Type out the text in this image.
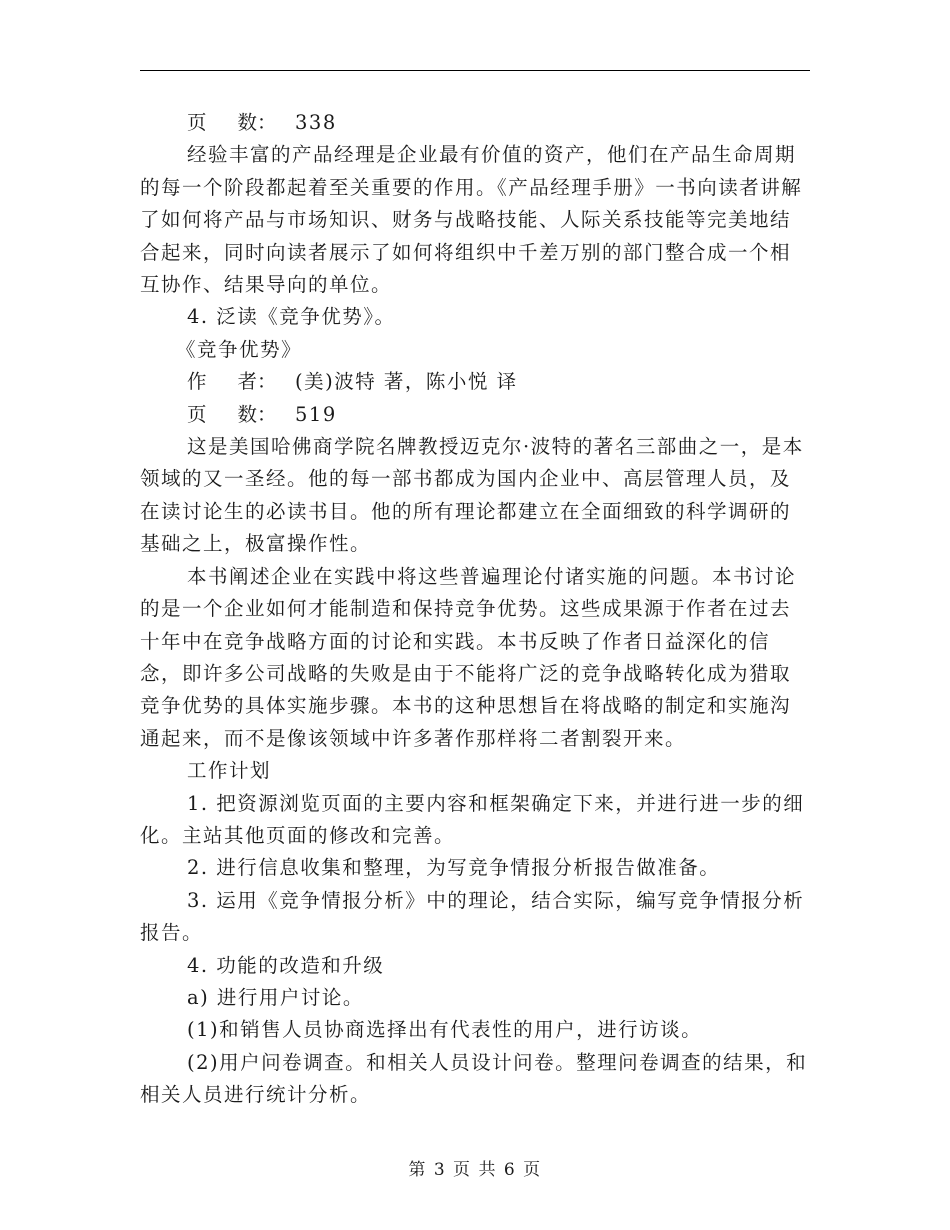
页     数： 338

经验丰富的产品经理是企业最有价值的资产，他们在产品生命周期的每一个阶段都起着至关重要的作用。《产品经理手册》一书向读者讲解了如何将产品与市场知识、财务与战略技能、人际关系技能等完美地结合起来，同时向读者展示了如何将组织中千差万别的部门整合成一个相互协作、结果导向的单位。

4. 泛读《竞争优势》。

《竞争优势》

作     者： (美)波特 著，陈小悦 译

页     数： 519

这是美国哈佛商学院名牌教授迈克尔·波特的著名三部曲之一，是本领域的又一圣经。他的每一部书都成为国内企业中、高层管理人员，及在读讨论生的必读书目。他的所有理论都建立在全面细致的科学调研的基础之上，极富操作性。

本书阐述企业在实践中将这些普遍理论付诸实施的问题。本书讨论的是一个企业如何才能制造和保持竞争优势。这些成果源于作者在过去十年中在竞争战略方面的讨论和实践。本书反映了作者日益深化的信念，即许多公司战略的失败是由于不能将广泛的竞争战略转化成为猎取竞争优势的具体实施步骤。本书的这种思想旨在将战略的制定和实施沟通起来，而不是像该领域中许多著作那样将二者割裂开来。

工作计划

1. 把资源浏览页面的主要内容和框架确定下来，并进行进一步的细化。主站其他页面的修改和完善。

2. 进行信息收集和整理，为写竞争情报分析报告做准备。

3. 运用《竞争情报分析》中的理论，结合实际，编写竞争情报分析报告。

4. 功能的改造和升级

a) 进行用户讨论。

(1)和销售人员协商选择出有代表性的用户，进行访谈。

(2)用户问卷调查。和相关人员设计问卷。整理问卷调查的结果，和相关人员进行统计分析。

第 3 页 共 6 页
